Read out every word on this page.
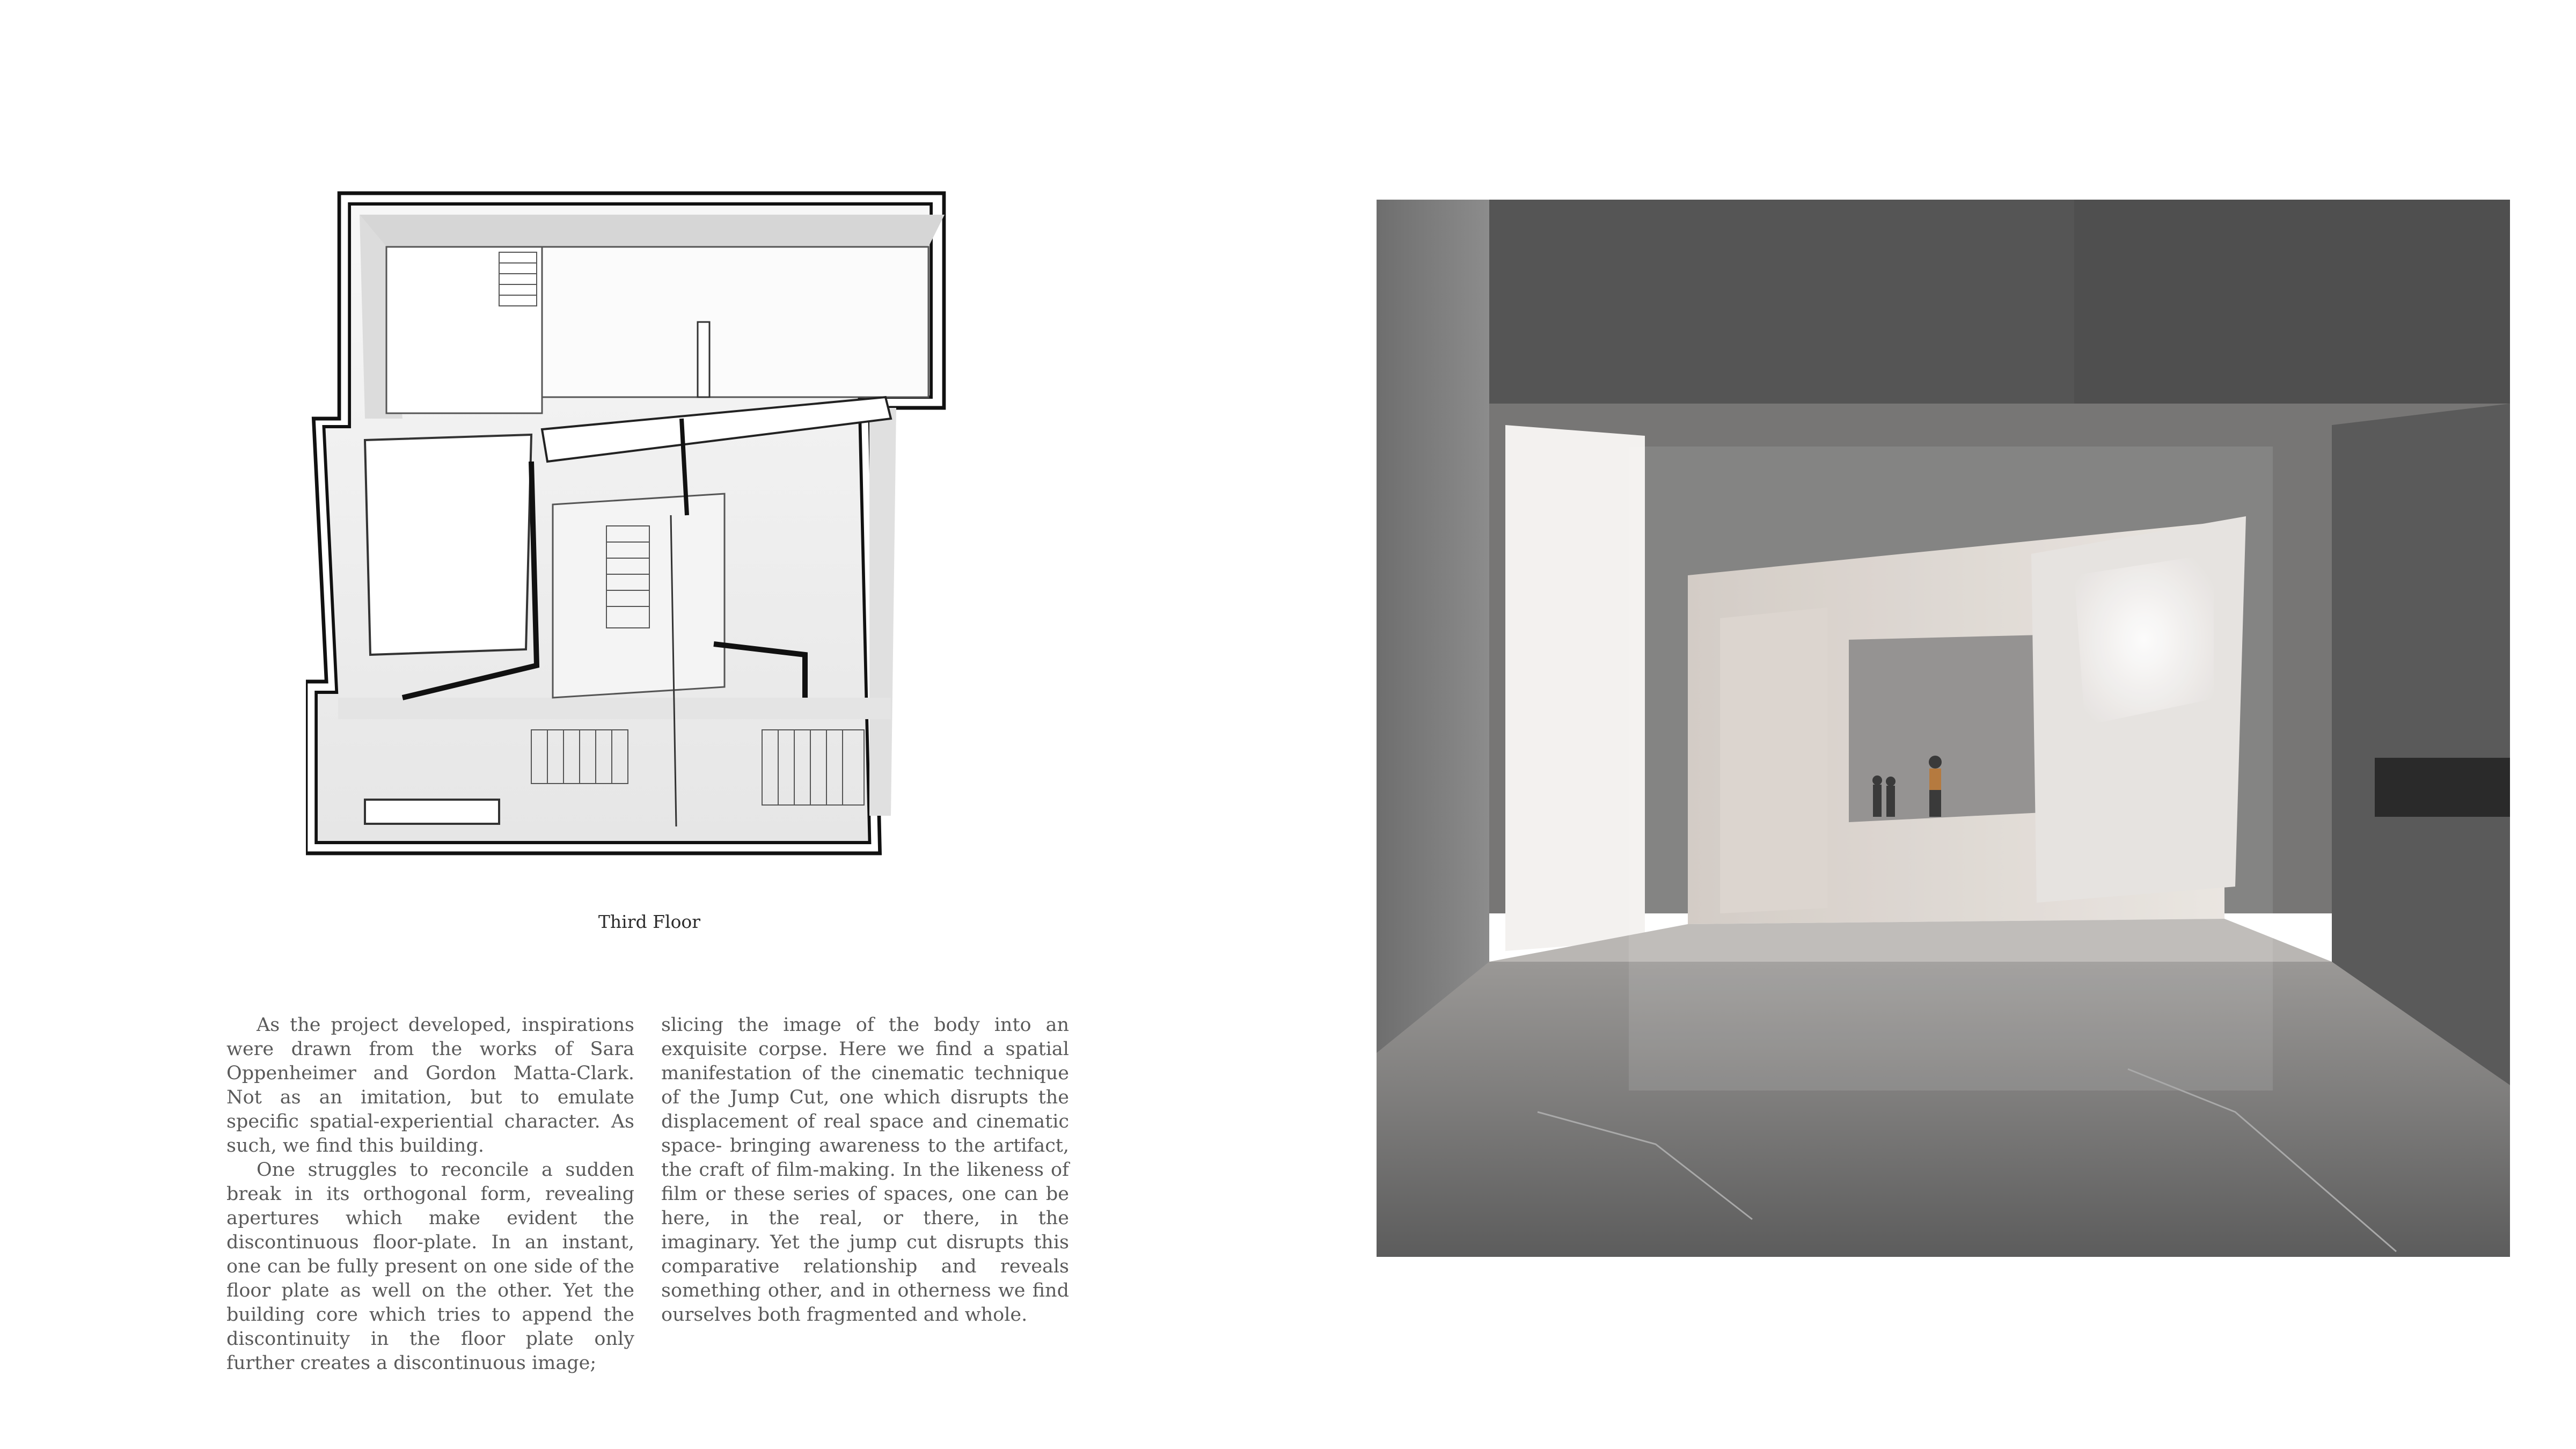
Third Floor

As the project developed, inspirations were drawn from the works of Sara Oppenheimer and Gordon Matta-Clark. Not as an imitation, but to emulate specific spatial-experiential character. As such, we find this building.

One struggles to reconcile a sudden break in its orthogonal form, revealing apertures which make evident the discontinuous floor-plate. In an instant, one can be fully present on one side of the floor plate as well on the other. Yet the building core which tries to append the discontinuity in the floor plate only further creates a discontinuous image;

slicing the image of the body into an exquisite corpse. Here we find a spatial manifestation of the cinematic technique of the Jump Cut, one which disrupts the displacement of real space and cinematic space- bringing awareness to the artifact, the craft of film-making. In the likeness of film or these series of spaces, one can be here, in the real, or there, in the imaginary. Yet the jump cut disrupts this comparative relationship and reveals something other, and in otherness we find ourselves both fragmented and whole.
